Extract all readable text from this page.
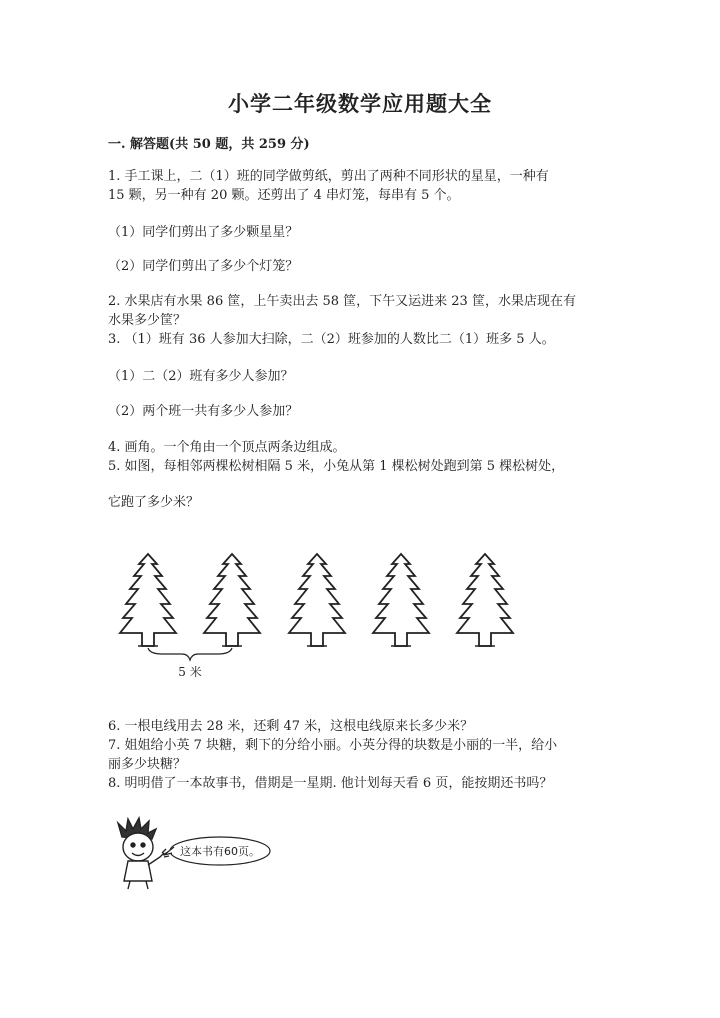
小学二年级数学应用题大全
一. 解答题(共 50 题，共 259 分)
1. 手工课上，二（1）班的同学做剪纸，剪出了两种不同形状的星星，一种有
15 颗，另一种有 20 颗。还剪出了 4 串灯笼，每串有 5 个。
（1）同学们剪出了多少颗星星？
（2）同学们剪出了多少个灯笼？
2. 水果店有水果 86 筐，上午卖出去 58 筐，下午又运进来 23 筐，水果店现在有
水果多少筐？
3. （1）班有 36 人参加大扫除，二（2）班参加的人数比二（1）班多 5 人。
（1）二（2）班有多少人参加？
（2）两个班一共有多少人参加？
4. 画角。一个角由一个顶点两条边组成。
5. 如图，每相邻两棵松树相隔 5 米，小兔从第 1 棵松树处跑到第 5 棵松树处，
它跑了多少米？
5 米
6. 一根电线用去 28 米，还剩 47 米，这根电线原来长多少米？
7. 姐姐给小英 7 块糖，剩下的分给小丽。小英分得的块数是小丽的一半，给小
丽多少块糖？
8. 明明借了一本故事书，借期是一星期. 他计划每天看 6 页，能按期还书吗？
这本书有60页。
